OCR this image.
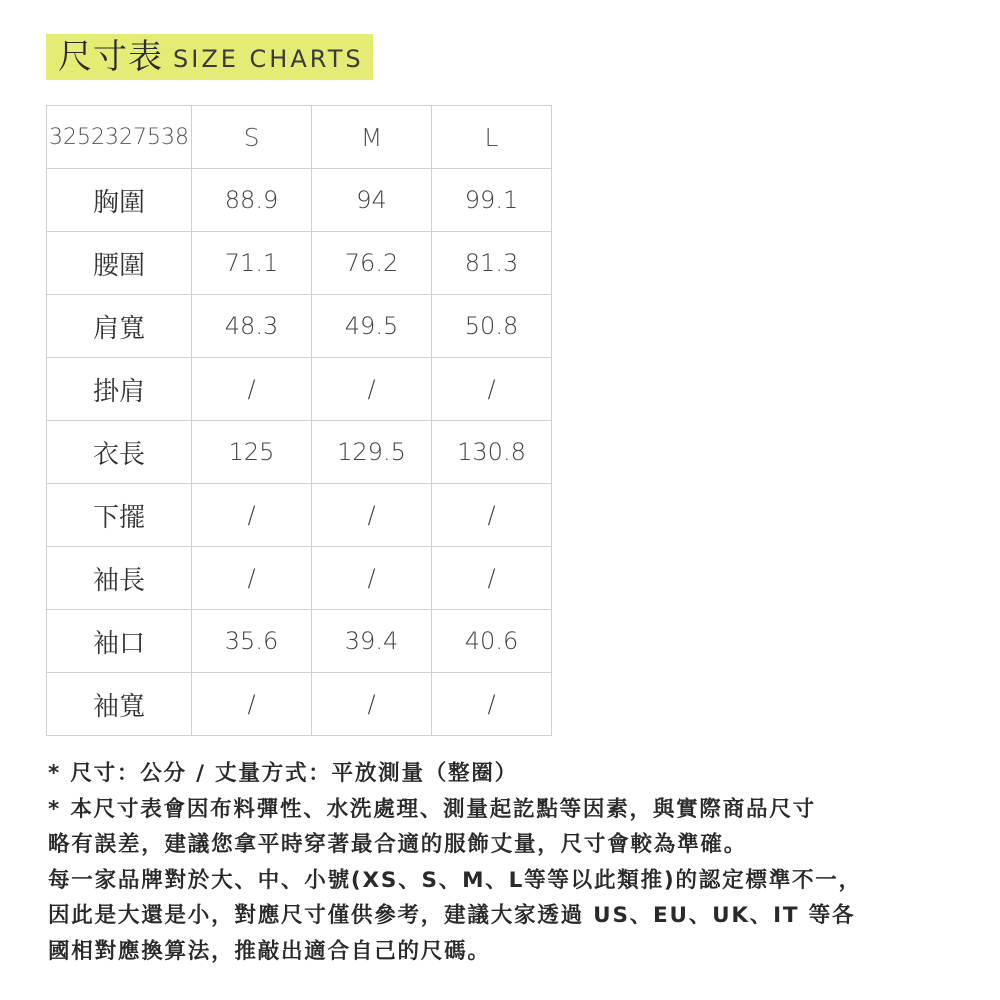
尺寸表 SIZE CHARTS
3252327538	S	M	L
胸圍	88.9	94	99.1
腰圍	71.1	76.2	81.3
肩寬	48.3	49.5	50.8
掛肩	/	/	/
衣長	125	129.5	130.8
下擺	/	/	/
袖長	/	/	/
袖口	35.6	39.4	40.6
袖寬	/	/	/
* 尺寸：公分 / 丈量方式：平放測量（整圈）
* 本尺寸表會因布料彈性、水洗處理、測量起訖點等因素，與實際商品尺寸
略有誤差，建議您拿平時穿著最合適的服飾丈量，尺寸會較為準確。
每一家品牌對於大、中、小號(XS、S、M、L等等以此類推)的認定標準不一，
因此是大還是小，對應尺寸僅供參考，建議大家透過 US、EU、UK、IT 等各
國相對應換算法，推敲出適合自己的尺碼。
